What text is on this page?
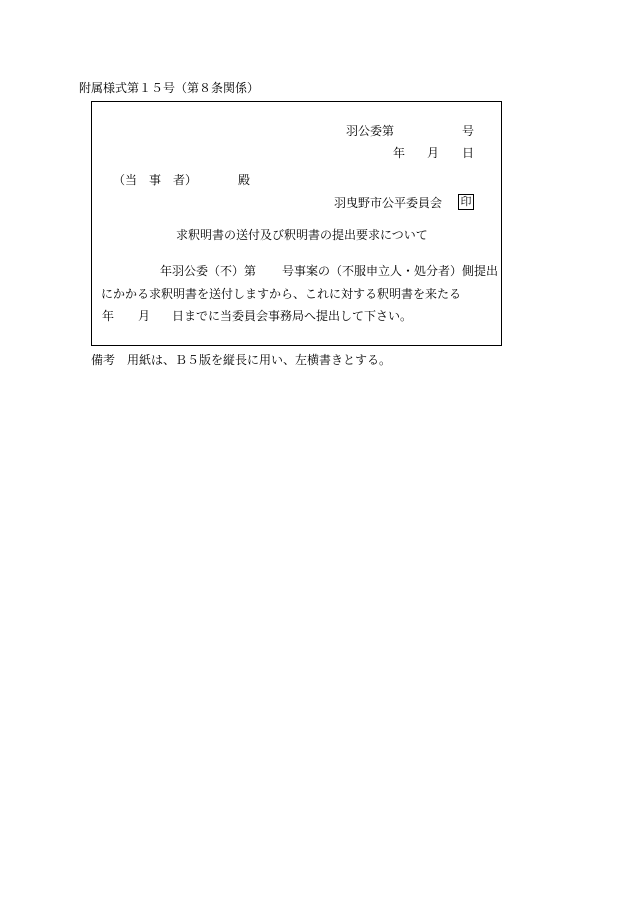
附属様式第１５号（第８条関係）
羽公委第	号
年 月 日
（当　事　者）	殿
羽曳野市公平委員会 印
求釈明書の送付及び釈明書の提出要求について
年羽公委（不）第 号事案の（不服申立人・処分者）側提出
にかかる求釈明書を送付しますから、これに対する釈明書を来たる
年 月 日までに当委員会事務局へ提出して下さい。
備考　用紙は、Ｂ５版を縦長に用い、左横書きとする。
